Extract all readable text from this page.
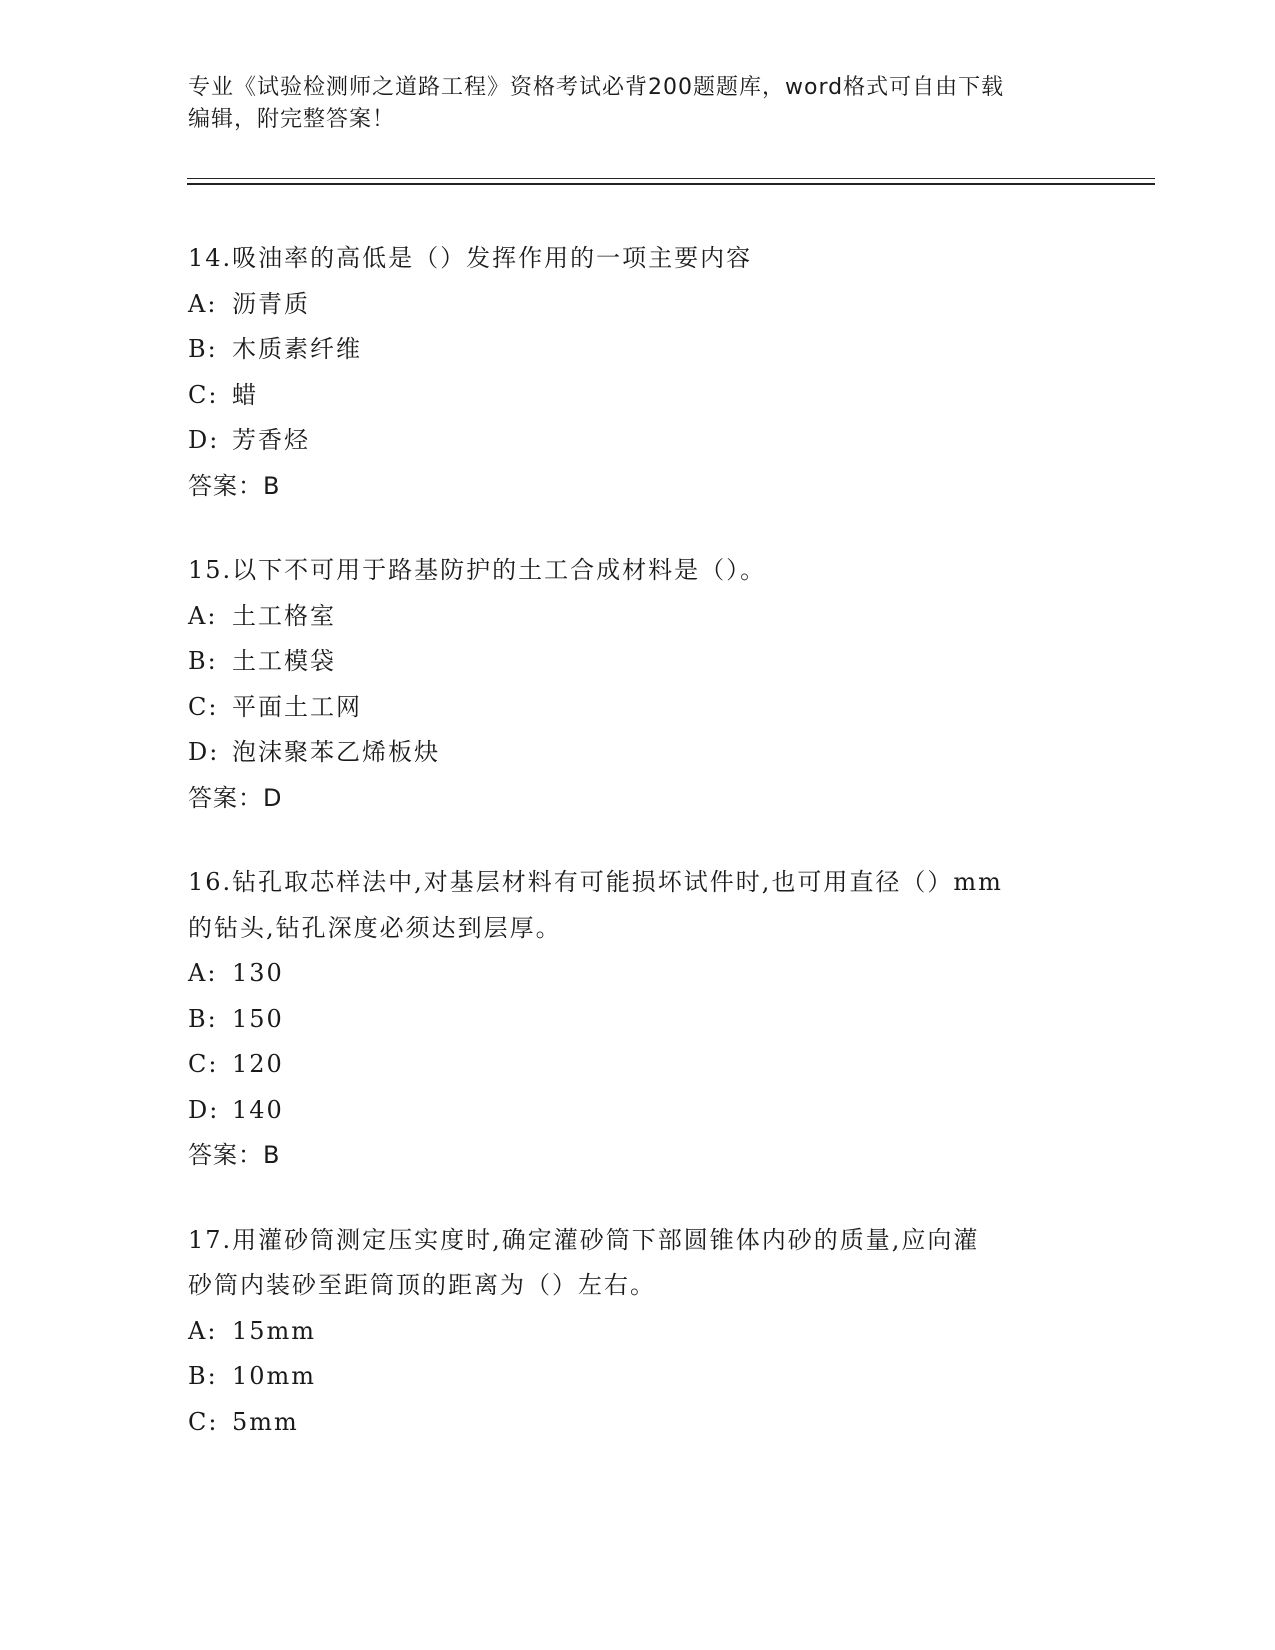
专业《试验检测师之道路工程》资格考试必背200题题库，word格式可自由下载
编辑，附完整答案！

14.吸油率的高低是（）发挥作用的一项主要内容

A: 沥青质

B: 木质素纤维

C: 蜡

D: 芳香烃

答案：B

15.以下不可用于路基防护的土工合成材料是（）。

A: 土工格室

B: 土工模袋

C: 平面土工网

D: 泡沫聚苯乙烯板炔

答案：D

16.钻孔取芯样法中,对基层材料有可能损坏试件时,也可用直径（）mm

的钻头,钻孔深度必须达到层厚。

A: 130

B: 150

C: 120

D: 140

答案：B

17.用灌砂筒测定压实度时,确定灌砂筒下部圆锥体内砂的质量,应向灌

砂筒内装砂至距筒顶的距离为（）左右。

A: 15mm

B: 10mm

C: 5mm
